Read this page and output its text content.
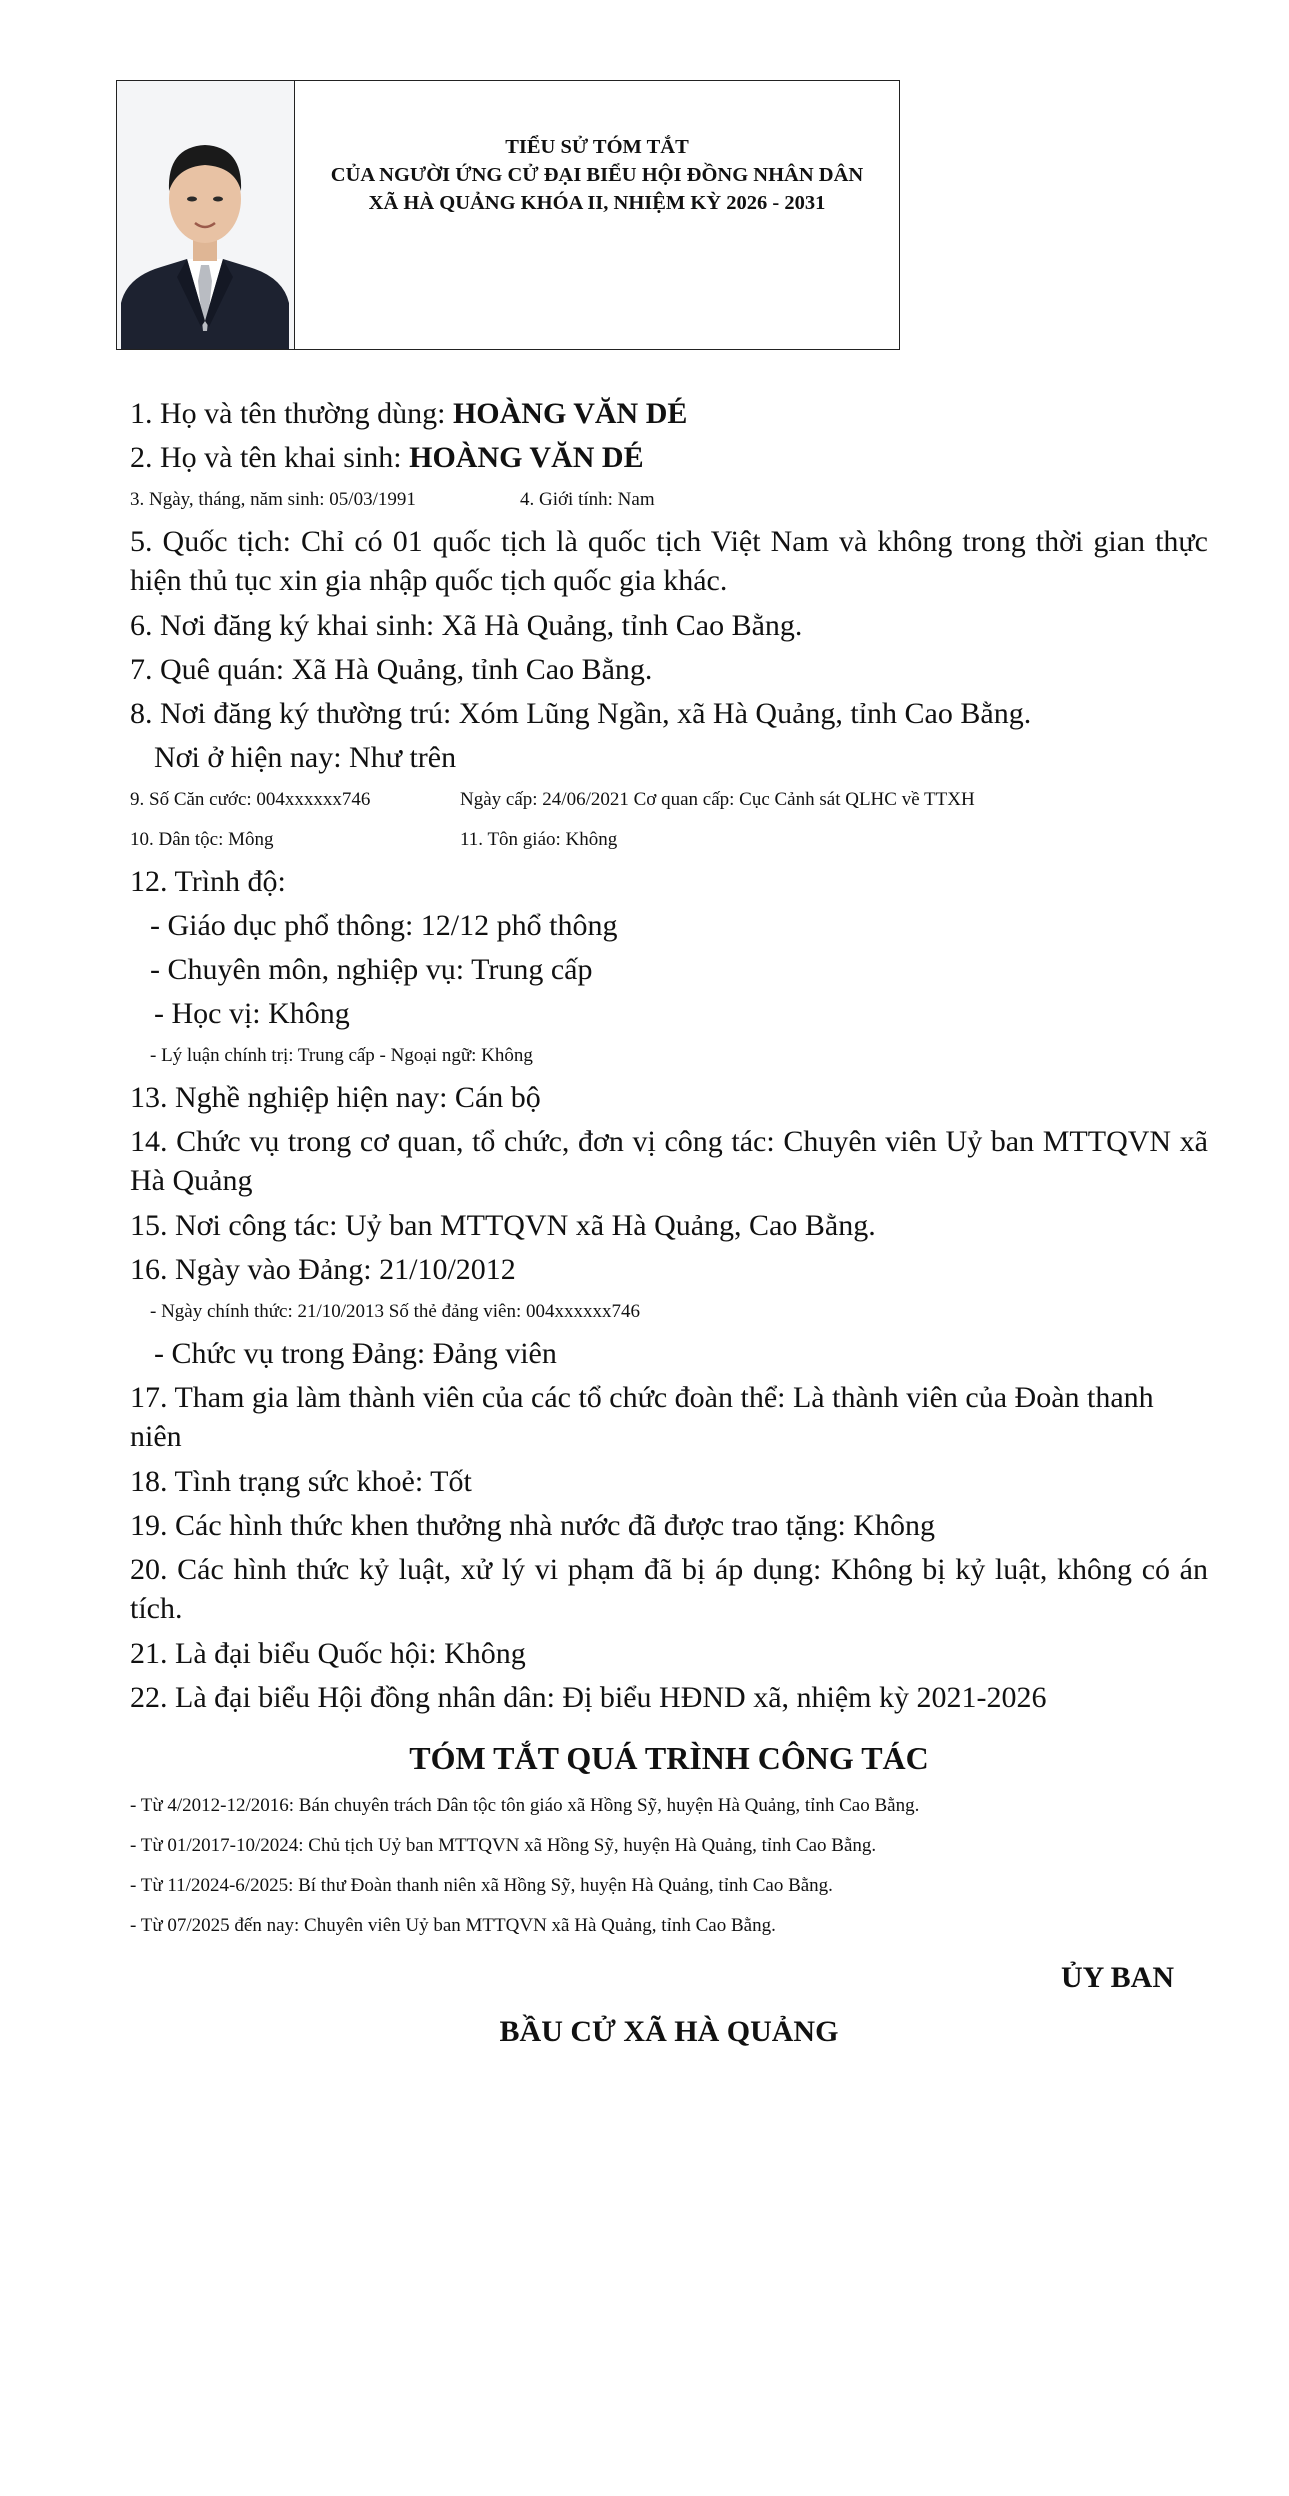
TIỂU SỬ TÓM TẮT
CỦA NGƯỜI ỨNG CỬ ĐẠI BIỂU HỘI ĐỒNG NHÂN DÂN
XÃ HÀ QUẢNG KHÓA II, NHIỆM KỲ 2026 - 2031

1. Họ và tên thường dùng: HOÀNG VĂN DÉ

2. Họ và tên khai sinh: HOÀNG VĂN DÉ

3. Ngày, tháng, năm sinh: 05/03/1991	4. Giới tính: Nam

5. Quốc tịch: Chỉ có 01 quốc tịch là quốc tịch Việt Nam và không trong thời gian thực hiện thủ tục xin gia nhập quốc tịch quốc gia khác.

6. Nơi đăng ký khai sinh: Xã Hà Quảng, tỉnh Cao Bằng.

7. Quê quán: Xã Hà Quảng, tỉnh Cao Bằng.

8. Nơi đăng ký thường trú: Xóm Lũng Ngần, xã Hà Quảng, tỉnh Cao Bằng.

Nơi ở hiện nay: Như trên

9. Số Căn cước: 004xxxxxx746	Ngày cấp: 24/06/2021 Cơ quan cấp: Cục Cảnh sát QLHC về TTXH
10. Dân tộc: Mông	11. Tôn giáo: Không

12. Trình độ:

- Giáo dục phổ thông: 12/12 phổ thông

- Chuyên môn, nghiệp vụ: Trung cấp

- Học vị: Không

- Lý luận chính trị: Trung cấp - Ngoại ngữ: Không

13. Nghề nghiệp hiện nay: Cán bộ

14. Chức vụ trong cơ quan, tổ chức, đơn vị công tác: Chuyên viên Uỷ ban MTTQVN xã Hà Quảng

15. Nơi công tác: Uỷ ban MTTQVN xã Hà Quảng, Cao Bằng.

16. Ngày vào Đảng: 21/10/2012

- Ngày chính thức: 21/10/2013 Số thẻ đảng viên: 004xxxxxx746

- Chức vụ trong Đảng: Đảng viên

17. Tham gia làm thành viên của các tổ chức đoàn thể: Là thành viên của Đoàn thanh niên

18. Tình trạng sức khoẻ: Tốt

19. Các hình thức khen thưởng nhà nước đã được trao tặng: Không

20. Các hình thức kỷ luật, xử lý vi phạm đã bị áp dụng: Không bị kỷ luật, không có án tích.

21. Là đại biểu Quốc hội: Không

22. Là đại biểu Hội đồng nhân dân: Đị biểu HĐND xã, nhiệm kỳ 2021-2026

TÓM TẮT QUÁ TRÌNH CÔNG TÁC
- Từ 4/2012-12/2016: Bán chuyên trách Dân tộc tôn giáo xã Hồng Sỹ, huyện Hà Quảng, tỉnh Cao Bằng.
- Từ 01/2017-10/2024: Chủ tịch Uỷ ban MTTQVN xã Hồng Sỹ, huyện Hà Quảng, tỉnh Cao Bằng.
- Từ 11/2024-6/2025: Bí thư Đoàn thanh niên xã Hồng Sỹ, huyện Hà Quảng, tỉnh Cao Bằng.
- Từ 07/2025 đến nay: Chuyên viên Uỷ ban MTTQVN xã Hà Quảng, tỉnh Cao Bằng.
ỦY BAN
BẦU CỬ XÃ HÀ QUẢNG
